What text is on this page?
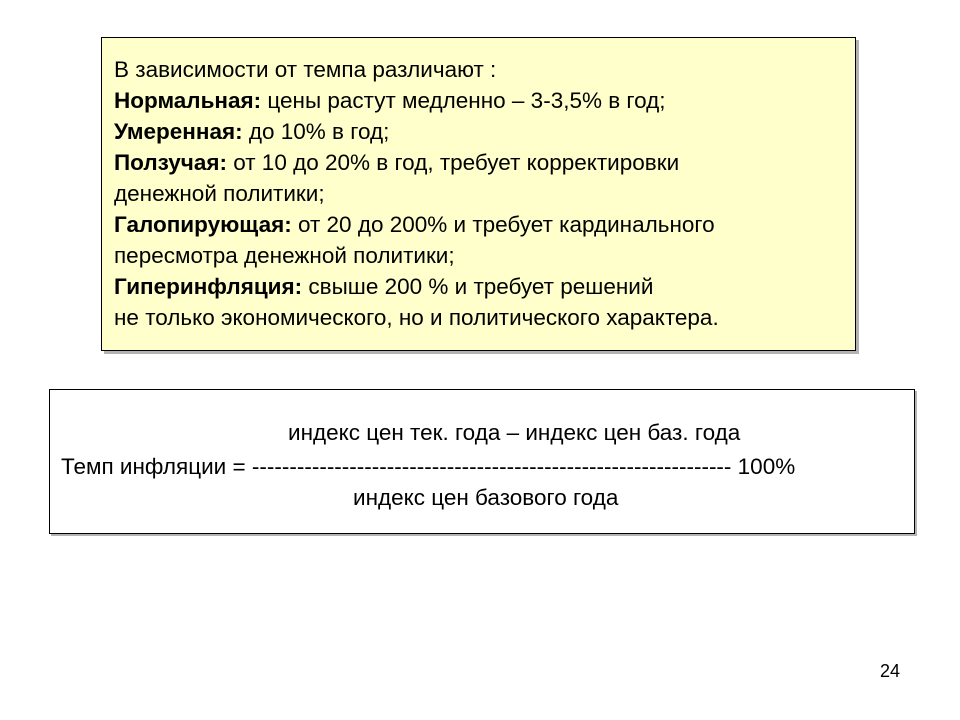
В зависимости от темпа различают :
Нормальная: цены растут медленно – 3-3,5% в год;
Умеренная: до 10% в год;
Ползучая: от 10 до 20% в год, требует корректировки
денежной политики;
Галопирующая: от 20 до 200% и требует кардинального
пересмотра денежной политики;
Гиперинфляция: свыше 200 % и требует решений
не только экономического, но и политического характера.
индекс цен тек. года – индекс цен баз. года
Темп инфляции = ---------------------------------------------------------------- 100%
индекс цен базового года
24
